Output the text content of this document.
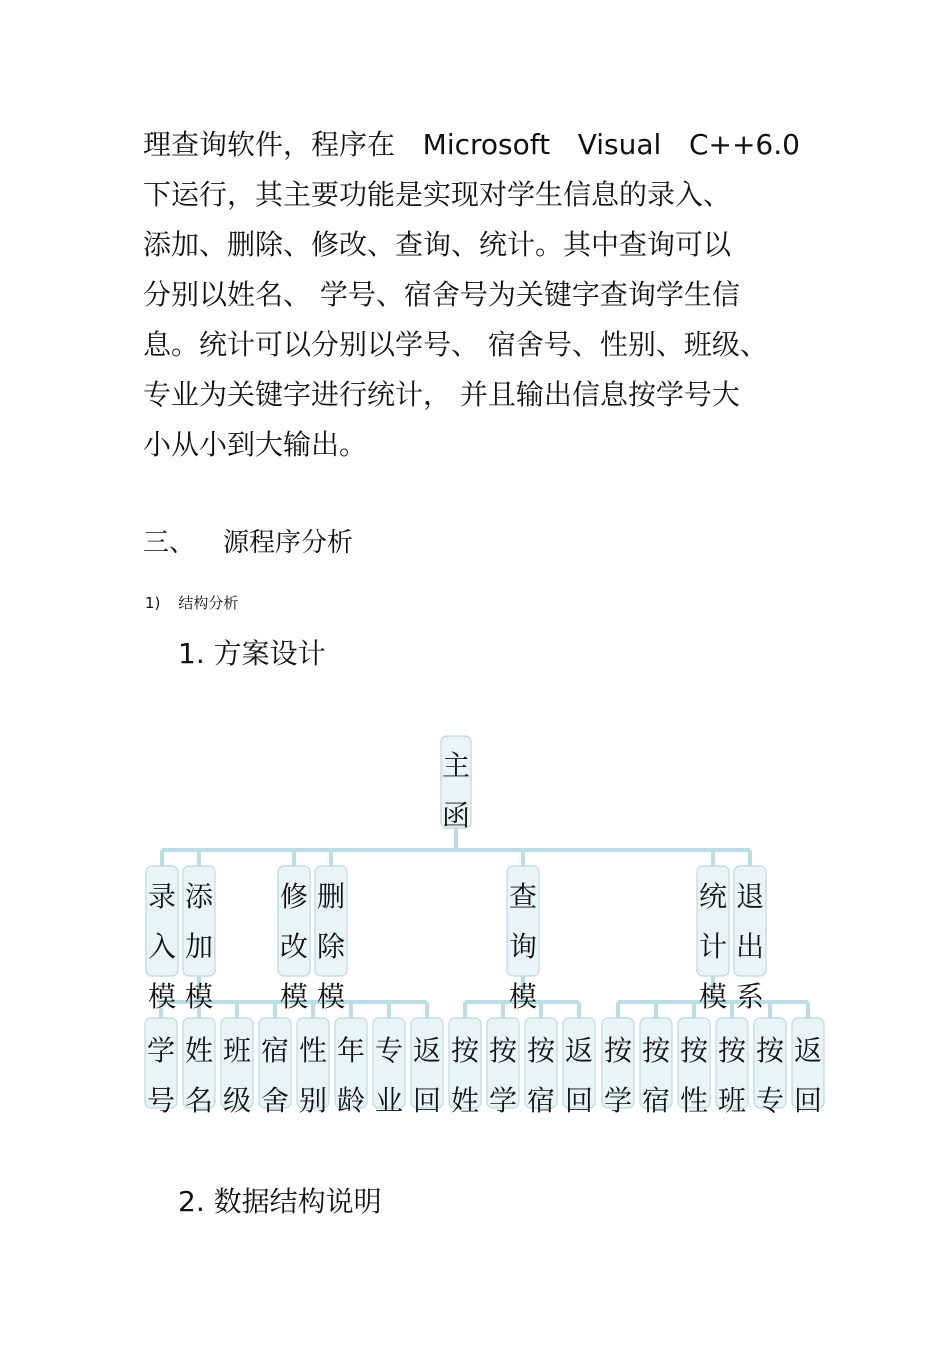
理查询软件，程序在 Microsoft Visual C++6.0
下运行，其主要功能是实现对学生信息的录入、
添加、删除、修改、查询、统计。其中查询可以
分别以姓名、 学号、宿舍号为关键字查询学生信
息。统计可以分别以学号、 宿舍号、性别、班级、
专业为关键字进行统计， 并且输出信息按学号大
小从小到大输出。
三、 源程序分析
1) 结构分析
1. 方案设计
主
函
录
入
模
添
加
模
修
改
模
删
除
模
查
询
模
统
计
模
退
出
系
学
号
姓
名
班
级
宿
舍
性
别
年
龄
专
业
返
回
按
姓
按
学
按
宿
返
回
按
学
按
宿
按
性
按
班
按
专
返
回
2. 数据结构说明
